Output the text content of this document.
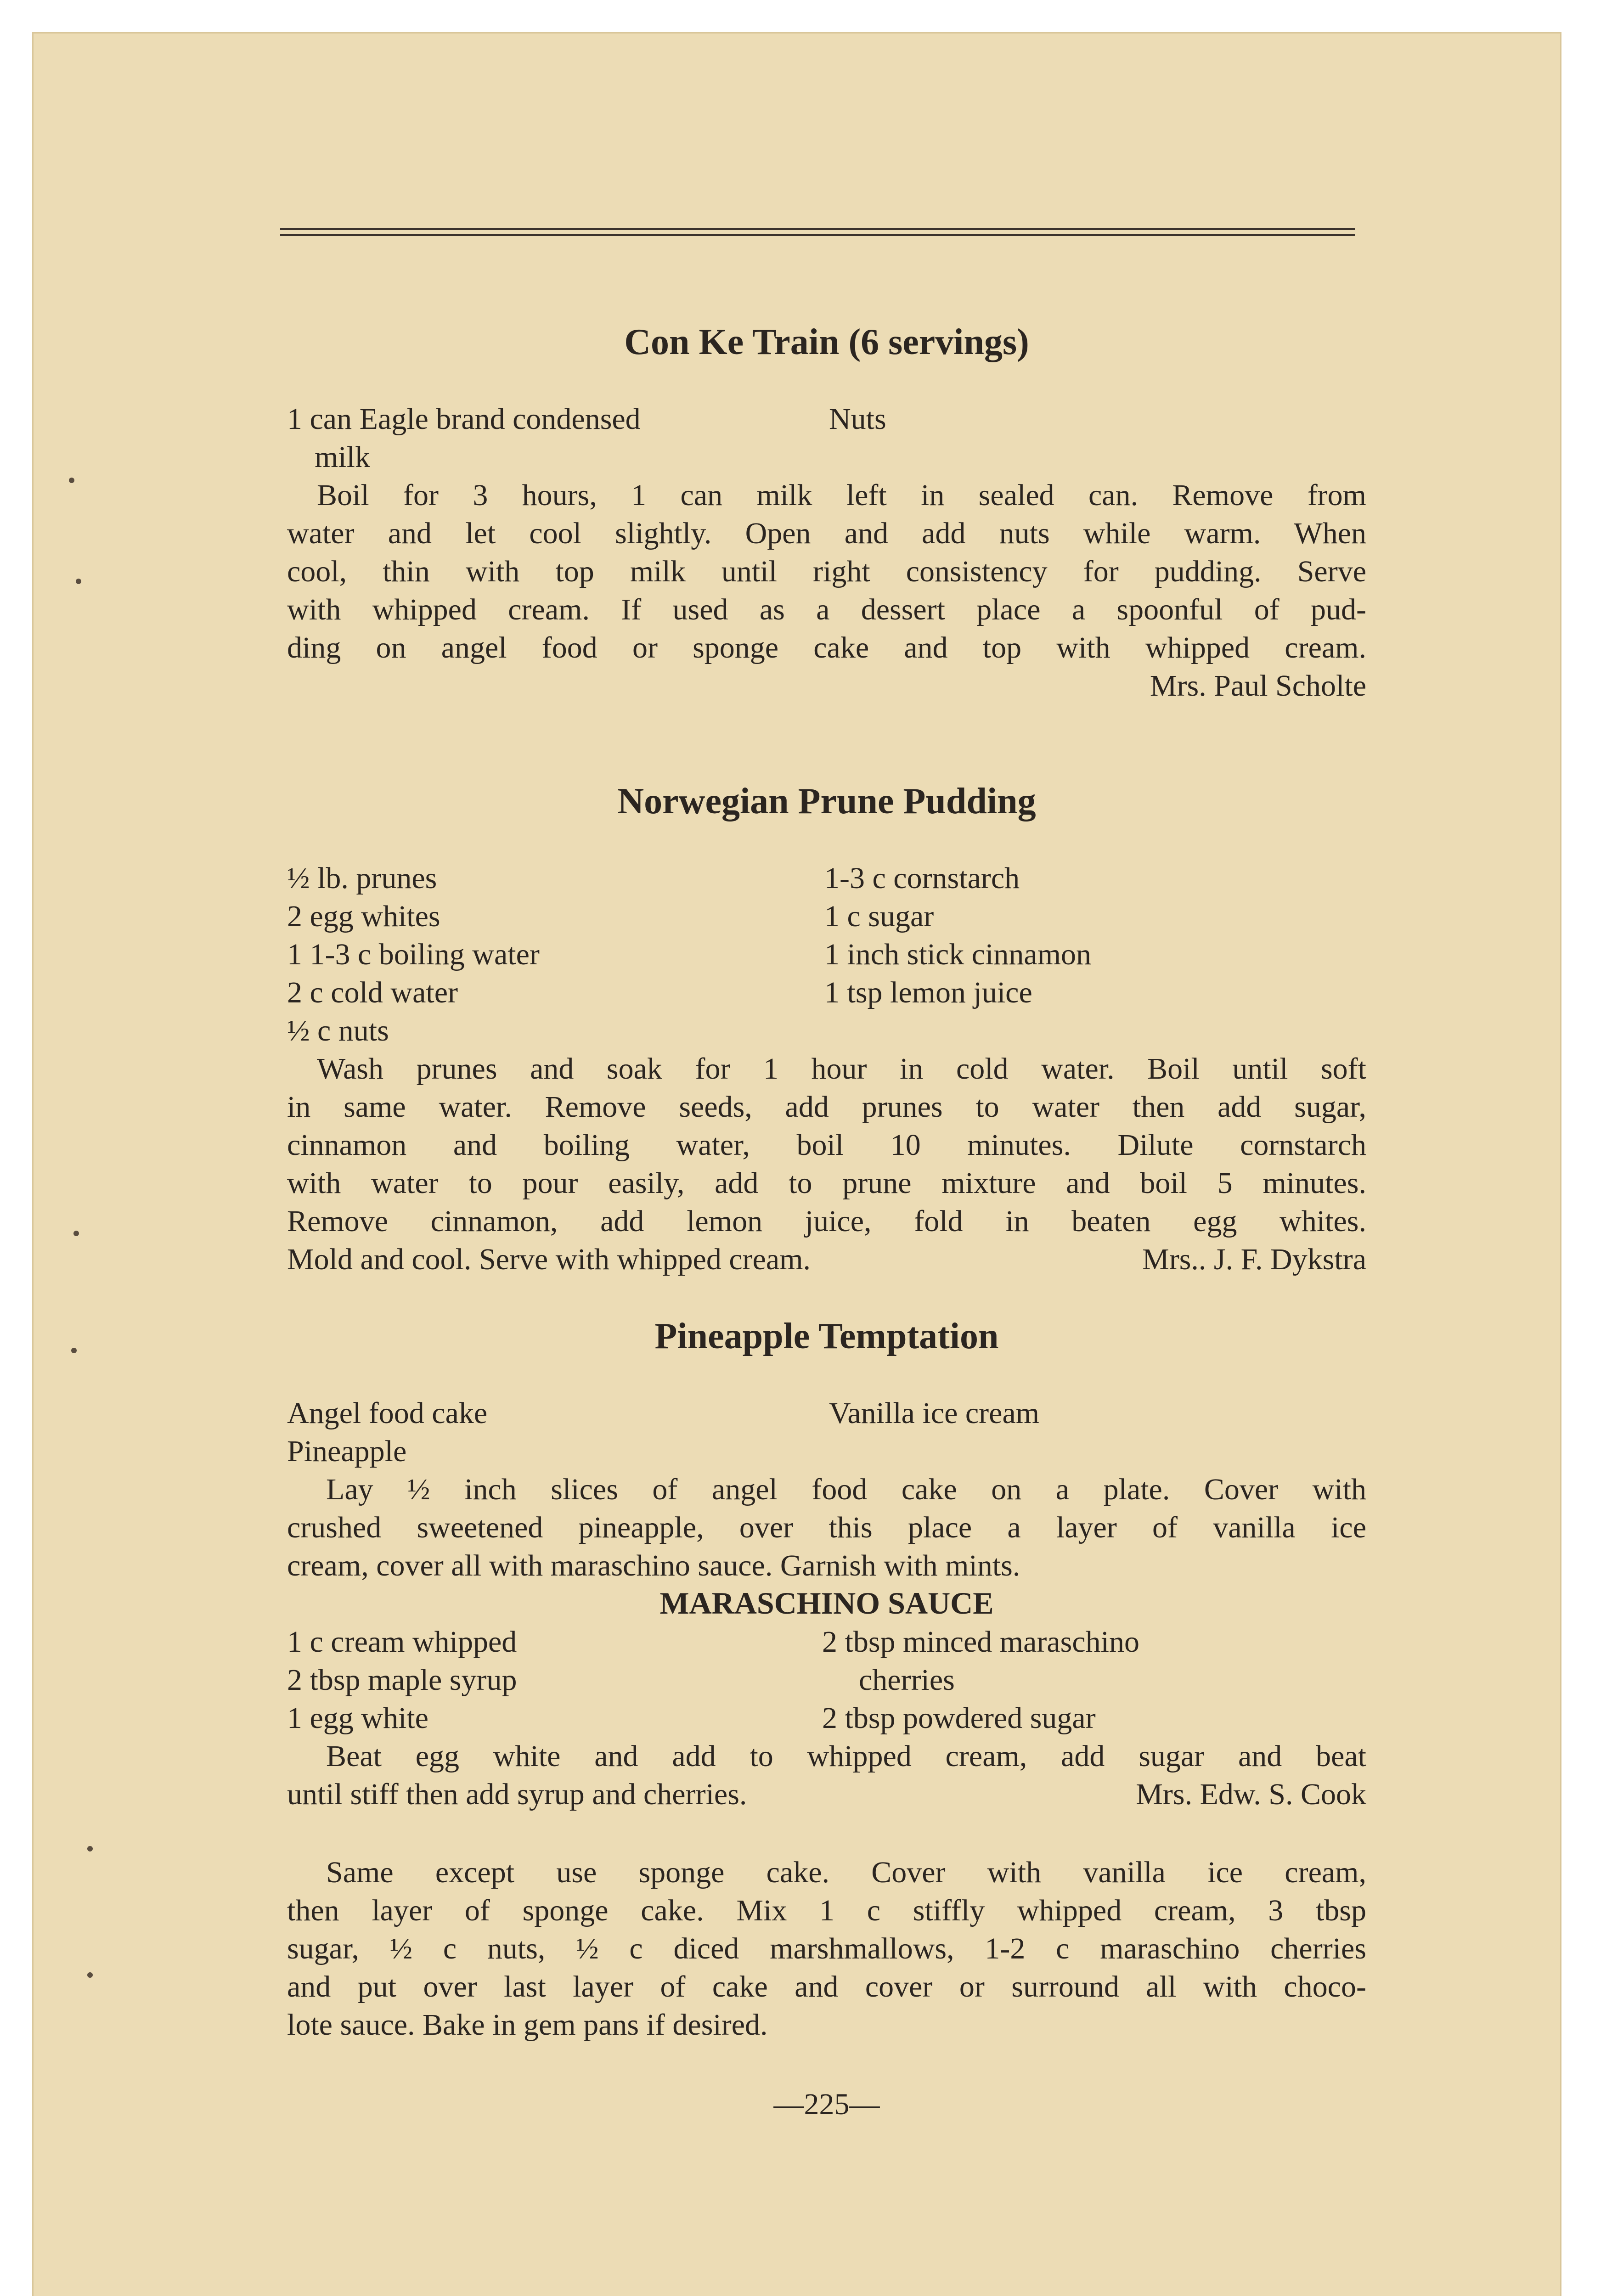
Con Ke Train (6 servings)
1 can Eagle brand condensed	Nuts
milk
Boil for 3 hours, 1 can milk left in sealed can. Remove from
water and let cool slightly. Open and add nuts while warm. When
cool, thin with top milk until right consistency for pudding. Serve
with whipped cream. If used as a dessert place a spoonful of pud-
ding on angel food or sponge cake and top with whipped cream.
Mrs. Paul Scholte
Norwegian Prune Pudding
½ lb. prunes	1-3 c cornstarch
2 egg whites	1 c sugar
1 1-3 c boiling water	1 inch stick cinnamon
2 c cold water	1 tsp lemon juice
½ c nuts
Wash prunes and soak for 1 hour in cold water. Boil until soft
in same water. Remove seeds, add prunes to water then add sugar,
cinnamon and boiling water, boil 10 minutes. Dilute cornstarch
with water to pour easily, add to prune mixture and boil 5 minutes.
Remove cinnamon, add lemon juice, fold in beaten egg whites.
Mold and cool. Serve with whipped cream.	Mrs.. J. F. Dykstra
Pineapple Temptation
Angel food cake	Vanilla ice cream
Pineapple
Lay ½ inch slices of angel food cake on a plate. Cover with
crushed sweetened pineapple, over this place a layer of vanilla ice
cream, cover all with maraschino sauce. Garnish with mints.
MARASCHINO SAUCE
1 c cream whipped	2 tbsp minced maraschino
2 tbsp maple syrup	cherries
1 egg white	2 tbsp powdered sugar
Beat egg white and add to whipped cream, add sugar and beat
until stiff then add syrup and cherries.	Mrs. Edw. S. Cook
Same except use sponge cake. Cover with vanilla ice cream,
then layer of sponge cake. Mix 1 c stiffly whipped cream, 3 tbsp
sugar, ½ c nuts, ½ c diced marshmallows, 1-2 c maraschino cherries
and put over last layer of cake and cover or surround all with choco-
lote sauce. Bake in gem pans if desired.
—225—
